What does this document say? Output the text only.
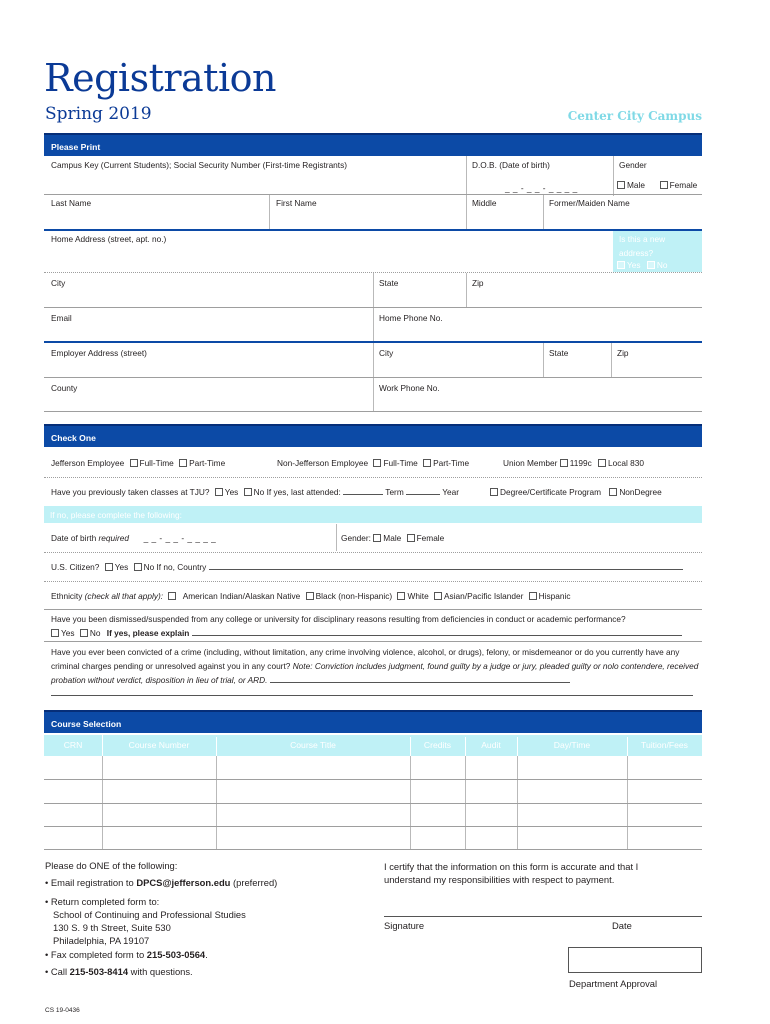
Registration
Spring 2019	Center City Campus
Please Print
Campus Key (Current Students); Social Security Number (First-time Registrants)	D.O.B. (Date of birth)
_ _ - _ _ - _ _ _ _
Gender
Male	Female
Last Name	First Name	Middle	Former/Maiden Name
Home Address (street, apt. no.)	Is this a new address?
Yes No
City	State	Zip
Email	Home Phone No.
Employer Address (street)	City	State	Zip
County	Work Phone No.
Check One
Jefferson Employee Full-Time Part-Time	Non-Jefferson Employee Full-Time Part-Time	Union Member 1199c Local 830
Have you previously taken classes at TJU? Yes No If yes, last attended:	Term	Year	Degree/Certificate Program NonDegree
If no, please complete the following:
Date of birth required _ _ - _ _ - _ _ _ _	Gender: Male Female
U.S. Citizen? Yes No If no, Country
Ethnicity (check all that apply): American Indian/Alaskan Native Black (non-Hispanic) White Asian/Pacific Islander Hispanic
Have you been dismissed/suspended from any college or university for disciplinary reasons resulting from deficiencies in conduct or academic performance?
Yes No If yes, please explain
Have you ever been convicted of a crime (including, without limitation, any crime involving violence, alcohol, or drugs), felony, or misdemeanor or do you currently have any criminal charges pending or unresolved against you in any court? Note: Conviction includes judgment, found guilty by a judge or jury, pleaded guilty or nolo contendere, received probation without verdict, disposition in lieu of trial, or ARD.
Course Selection
CRN	Course Number	Course Title	Credits	Audit	Day/Time	Tuition/Fees
Please do ONE of the following:
• Email registration to DPCS@jefferson.edu (preferred)
• Return completed form to:
School of Continuing and Professional Studies
130 S. 9 th Street, Suite 530
Philadelphia, PA 19107
• Fax completed form to 215-503-0564.
• Call 215-503-8414 with questions.
I certify that the information on this form is accurate and that I understand my responsibilities with respect to payment.
Signature	Date
Department Approval
CS 19-0436
